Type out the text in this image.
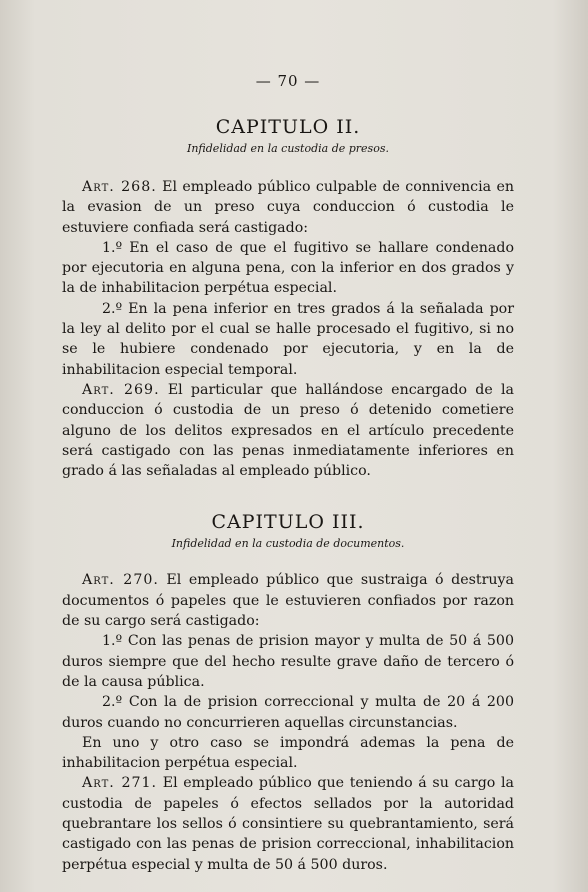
— 70 —
CAPITULO II.
Infidelidad en la custodia de presos.

Art. 268. El empleado público culpable de connivencia en la evasion de un preso cuya conduccion ó custodia le estuviere confiada será castigado:

1.º En el caso de que el fugitivo se hallare condenado por ejecutoria en alguna pena, con la inferior en dos grados y la de inhabilitacion perpétua especial.

2.º En la pena inferior en tres grados á la señalada por la ley al delito por el cual se halle procesado el fugitivo, si no se le hubiere condenado por ejecutoria, y en la de inhabilitacion especial temporal.

Art. 269. El particular que hallándose encargado de la conduccion ó custodia de un preso ó detenido cometiere alguno de los delitos expresados en el artículo precedente será castigado con las penas inmediatamente inferiores en grado á las señaladas al empleado público.

CAPITULO III.
Infidelidad en la custodia de documentos.

Art. 270. El empleado público que sustraiga ó destruya documentos ó papeles que le estuvieren confiados por razon de su cargo será castigado:

1.º Con las penas de prision mayor y multa de 50 á 500 duros siempre que del hecho resulte grave daño de tercero ó de la causa pública.

2.º Con la de prision correccional y multa de 20 á 200 duros cuando no concurrieren aquellas circunstancias.

En uno y otro caso se impondrá ademas la pena de inhabilitacion perpétua especial.

Art. 271. El empleado público que teniendo á su cargo la custodia de papeles ó efectos sellados por la autoridad quebrantare los sellos ó consintiere su quebrantamiento, será castigado con las penas de prision correccional, inhabilitacion perpétua especial y multa de 50 á 500 duros.
